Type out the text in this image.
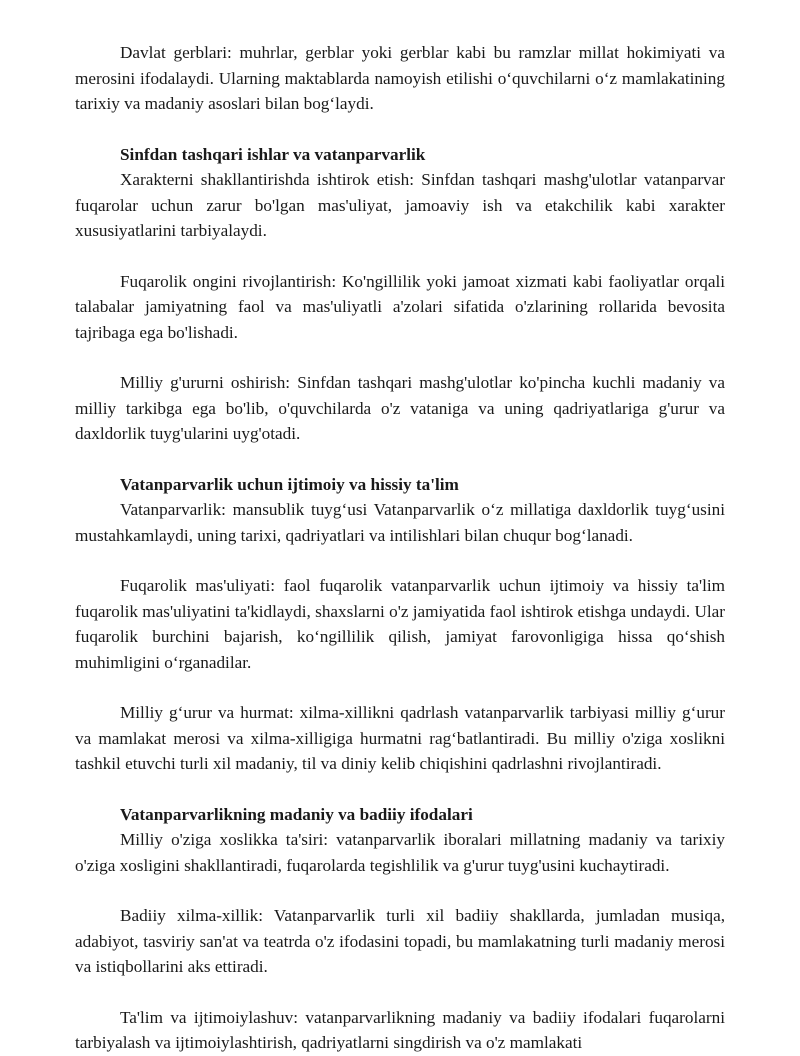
Davlat gerblari: muhrlar, gerblar yoki gerblar kabi bu ramzlar millat hokimiyati va merosini ifodalaydi. Ularning maktablarda namoyish etilishi o‘quvchilarni o‘z mamlakatining tarixiy va madaniy asoslari bilan bog‘laydi.

Sinfdan tashqari ishlar va vatanparvarlik

Xarakterni shakllantirishda ishtirok etish: Sinfdan tashqari mashg'ulotlar vatanparvar fuqarolar uchun zarur bo'lgan mas'uliyat, jamoaviy ish va etakchilik kabi xarakter xususiyatlarini tarbiyalaydi.

Fuqarolik ongini rivojlantirish: Ko'ngillilik yoki jamoat xizmati kabi faoliyatlar orqali talabalar jamiyatning faol va mas'uliyatli a'zolari sifatida o'zlarining rollarida bevosita tajribaga ega bo'lishadi.

Milliy g'ururni oshirish: Sinfdan tashqari mashg'ulotlar ko'pincha kuchli madaniy va milliy tarkibga ega bo'lib, o'quvchilarda o'z vataniga va uning qadriyatlariga g'urur va daxldorlik tuyg'ularini uyg'otadi.

Vatanparvarlik uchun ijtimoiy va hissiy ta'lim

Vatanparvarlik: mansublik tuyg‘usi Vatanparvarlik o‘z millatiga daxldorlik tuyg‘usini mustahkamlaydi, uning tarixi, qadriyatlari va intilishlari bilan chuqur bog‘lanadi.

Fuqarolik mas'uliyati: faol fuqarolik vatanparvarlik uchun ijtimoiy va hissiy ta'lim fuqarolik mas'uliyatini ta'kidlaydi, shaxslarni o'z jamiyatida faol ishtirok etishga undaydi. Ular fuqarolik burchini bajarish, ko‘ngillilik qilish, jamiyat farovonligiga hissa qo‘shish muhimligini o‘rganadilar.

Milliy g‘urur va hurmat: xilma-xillikni qadrlash vatanparvarlik tarbiyasi milliy g‘urur va mamlakat merosi va xilma-xilligiga hurmatni rag‘batlantiradi. Bu milliy o'ziga xoslikni tashkil etuvchi turli xil madaniy, til va diniy kelib chiqishini qadrlashni rivojlantiradi.

Vatanparvarlikning madaniy va badiiy ifodalari

Milliy o'ziga xoslikka ta'siri: vatanparvarlik iboralari millatning madaniy va tarixiy o'ziga xosligini shakllantiradi, fuqarolarda tegishlilik va g'urur tuyg'usini kuchaytiradi.

Badiiy xilma-xillik: Vatanparvarlik turli xil badiiy shakllarda, jumladan musiqa, adabiyot, tasviriy san'at va teatrda o'z ifodasini topadi, bu mamlakatning turli madaniy merosi va istiqbollarini aks ettiradi.

Ta'lim va ijtimoiylashuv: vatanparvarlikning madaniy va badiiy ifodalari fuqarolarni tarbiyalash va ijtimoiylashtirish, qadriyatlarni singdirish va o'z mamlakati
